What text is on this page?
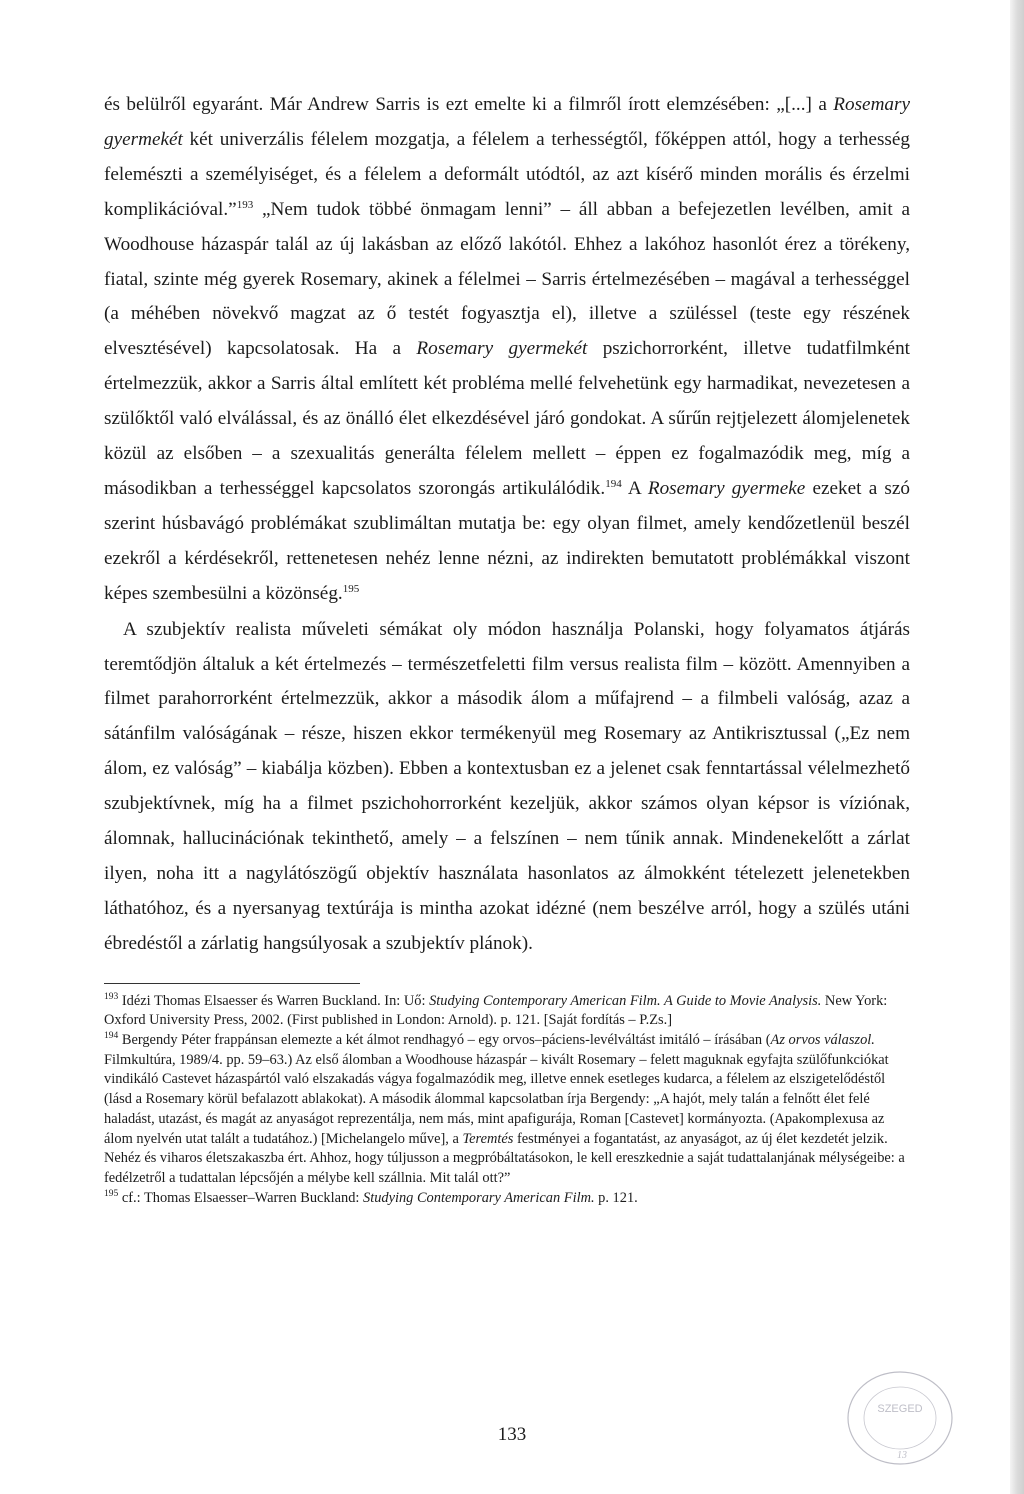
és belülről egyaránt. Már Andrew Sarris is ezt emelte ki a filmről írott elemzésében: „[...] a Rosemary gyermekét két univerzális félelem mozgatja, a félelem a terhességtől, főképpen attól, hogy a terhesség felemészti a személyiséget, és a félelem a deformált utódtól, az azt kísérő minden morális és érzelmi komplikációval.”$^{193}$ „Nem tudok többé önmagam lenni” – áll abban a befejezetlen levélben, amit a Woodhouse házaspár talál az új lakásban az előző lakótól. Ehhez a lakóhoz hasonlót érez a törékeny, fiatal, szinte még gyerek Rosemary, akinek a félelmei – Sarris értelmezésében – magával a terhességgel (a méhében növekvő magzat az ő testét fogyasztja el), illetve a szüléssel (teste egy részének elvesztésével) kapcsolatosak. Ha a Rosemary gyermekét pszichorrorként, illetve tudatfilmként értelmezzük, akkor a Sarris által említett két probléma mellé felvehetünk egy harmadikat, nevezetesen a szülőktől való elválással, és az önálló élet elkezdésével járó gondokat. A sűrűn rejtjelezett álomjelenetek közül az elsőben – a szexualitás generálta félelem mellett – éppen ez fogalmazódik meg, míg a másodikban a terhességgel kapcsolatos szorongás artikulálódik.$^{194}$ A Rosemary gyermeke ezeket a szó szerint húsbavágó problémákat szublimáltan mutatja be: egy olyan filmet, amely kendőzetlenül beszél ezekről a kérdésekről, rettenetesen nehéz lenne nézni, az indirekten bemutatott problémákkal viszont képes szembesülni a közönség.$^{195}$

A szubjektív realista műveleti sémákat oly módon használja Polanski, hogy folyamatos átjárás teremtődjön általuk a két értelmezés – természetfeletti film versus realista film – között. Amennyiben a filmet parahorrorként értelmezzük, akkor a második álom a műfajrend – a filmbeli valóság, azaz a sátánfilm valóságának – része, hiszen ekkor termékenyül meg Rosemary az Antikrisztussal („Ez nem álom, ez valóság” – kiabálja közben). Ebben a kontextusban ez a jelenet csak fenntartással vélelmezhető szubjektívnek, míg ha a filmet pszichohorrorként kezeljük, akkor számos olyan képsor is víziónak, álomnak, hallucinációnak tekinthető, amely – a felszínen – nem tűnik annak. Mindenekelőtt a zárlat ilyen, noha itt a nagylátószögű objektív használata hasonlatos az álmokként tételezett jelenetekben láthatóhoz, és a nyersanyag textúrája is mintha azokat idézné (nem beszélve arról, hogy a szülés utáni ébredéstől a zárlatig hangsúlyosak a szubjektív plánok).

$^{193}$ Idézi Thomas Elsaesser és Warren Buckland. In: Uő: Studying Contemporary American Film. A Guide to Movie Analysis. New York: Oxford University Press, 2002. (First published in London: Arnold). p. 121. [Saját fordítás – P.Zs.]

$^{194}$ Bergendy Péter frappánsan elemezte a két álmot rendhagyó – egy orvos–páciens-levélváltást imitáló – írásában (Az orvos válaszol. Filmkultúra, 1989/4. pp. 59–63.) Az első álomban a Woodhouse házaspár – kivált Rosemary – felett maguknak egyfajta szülőfunkciókat vindikáló Castevet házaspártól való elszakadás vágya fogalmazódik meg, illetve ennek esetleges kudarca, a félelem az elszigetelődéstől (lásd a Rosemary körül befalazott ablakokat). A második álommal kapcsolatban írja Bergendy: „A hajót, mely talán a felnőtt élet felé haladást, utazást, és magát az anyaságot reprezentálja, nem más, mint apafigurája, Roman [Castevet] kormányozta. (Apakomplexusa az álom nyelvén utat talált a tudatához.) [Michelangelo műve], a Teremtés festményei a fogantatást, az anyaságot, az új élet kezdetét jelzik. Nehéz és viharos életszakaszba ért. Ahhoz, hogy túljusson a megpróbáltatásokon, le kell ereszkednie a saját tudattalanjának mélységeibe: a fedélzetről a tudattalan lépcsőjén a mélybe kell szállnia. Mit talál ott?”

$^{195}$ cf.: Thomas Elsaesser–Warren Buckland: Studying Contemporary American Film. p. 121.

133
SZEGED
13
